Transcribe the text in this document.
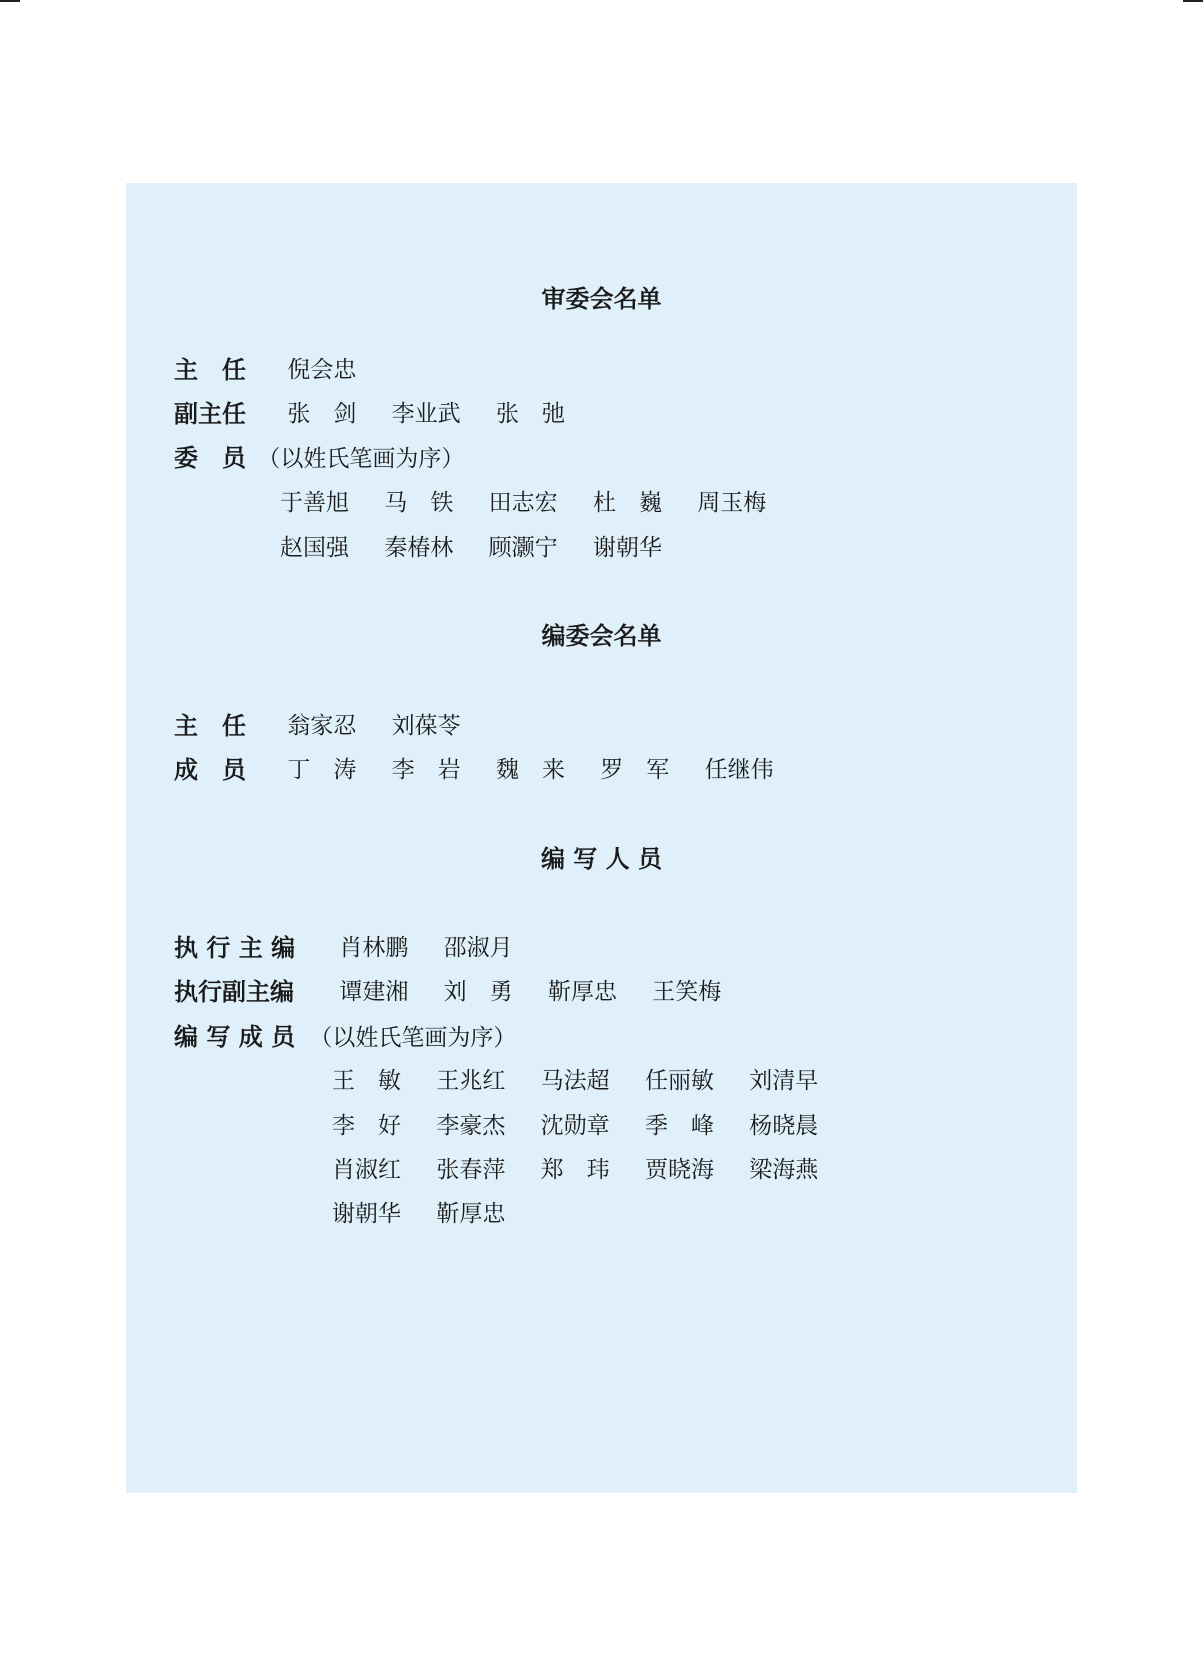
审委会名单
主　任 倪会忠
副主任 张　剑 李业武 张　弛
委　员 （以姓氏笔画为序）
于善旭 马　铁 田志宏 杜　巍 周玉梅
赵国强 秦椿林 顾灏宁 谢朝华
编委会名单
主　任 翁家忍 刘葆苓
成　员 丁　涛 李　岩 魏　来 罗　军 任继伟
编 写 人 员
执 行 主 编 肖林鹏 邵淑月
执行副主编 谭建湘 刘　勇 靳厚忠 王笑梅
编 写 成 员 （以姓氏笔画为序）
王　敏 王兆红 马法超 任丽敏 刘清早
李　好 李豪杰 沈勋章 季　峰 杨晓晨
肖淑红 张春萍 郑　玮 贾晓海 梁海燕
谢朝华 靳厚忠
